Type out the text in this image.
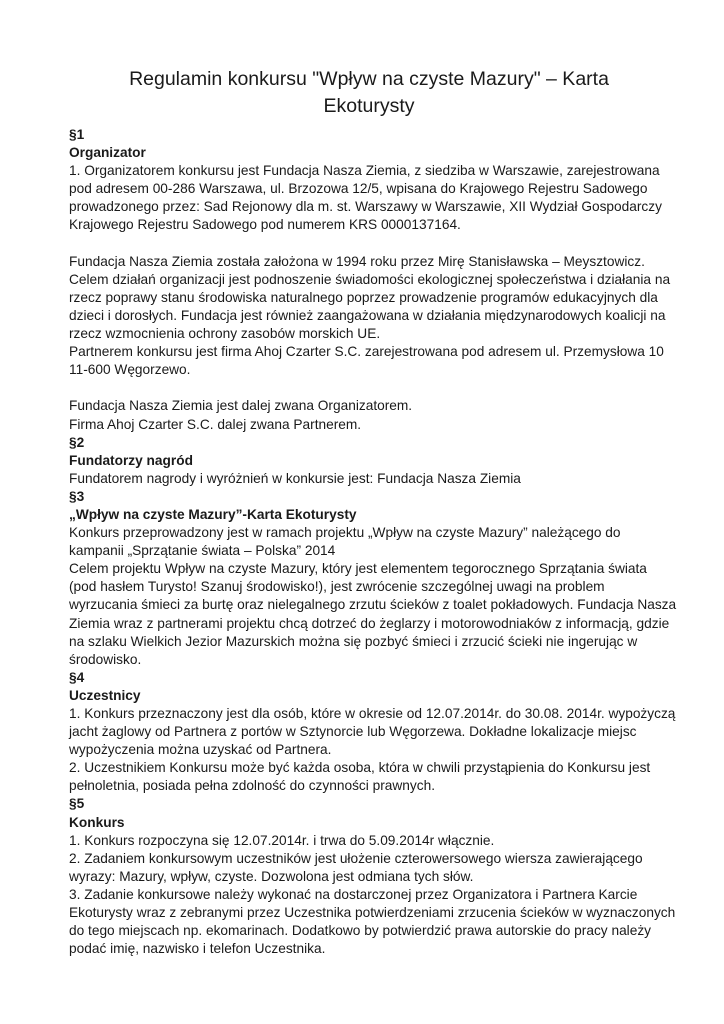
Regulamin konkursu "Wpływ na czyste Mazury" – Karta
Ekoturysty
§1
Organizator
1. Organizatorem konkursu jest Fundacja Nasza Ziemia, z siedziba w Warszawie, zarejestrowana
pod adresem 00-286 Warszawa, ul. Brzozowa 12/5, wpisana do Krajowego Rejestru Sadowego
prowadzonego przez: Sad Rejonowy dla m. st. Warszawy w Warszawie, XII Wydział Gospodarczy
Krajowego Rejestru Sadowego pod numerem KRS 0000137164.
Fundacja Nasza Ziemia została założona w 1994 roku przez Mirę Stanisławska – Meysztowicz.
Celem działań organizacji jest podnoszenie świadomości ekologicznej społeczeństwa i działania na
rzecz poprawy stanu środowiska naturalnego poprzez prowadzenie programów edukacyjnych dla
dzieci i dorosłych. Fundacja jest również zaangażowana w działania międzynarodowych koalicji na
rzecz wzmocnienia ochrony zasobów morskich UE.
Partnerem konkursu jest firma Ahoj Czarter S.C. zarejestrowana pod adresem ul. Przemysłowa 10
11-600 Węgorzewo.
Fundacja Nasza Ziemia jest dalej zwana Organizatorem.
Firma Ahoj Czarter S.C. dalej zwana Partnerem.
§2
Fundatorzy nagród
Fundatorem nagrody i wyróżnień w konkursie jest: Fundacja Nasza Ziemia
§3
„Wpływ na czyste Mazury”-Karta Ekoturysty
Konkurs przeprowadzony jest w ramach projektu „Wpływ na czyste Mazury” należącego do
kampanii „Sprzątanie świata – Polska” 2014
Celem projektu Wpływ na czyste Mazury, który jest elementem tegorocznego Sprzątania świata
(pod hasłem Turysto! Szanuj środowisko!), jest zwrócenie szczególnej uwagi na problem
wyrzucania śmieci za burtę oraz nielegalnego zrzutu ścieków z toalet pokładowych. Fundacja Nasza
Ziemia wraz z partnerami projektu chcą dotrzeć do żeglarzy i motorowodniaków z informacją, gdzie
na szlaku Wielkich Jezior Mazurskich można się pozbyć śmieci i zrzucić ścieki nie ingerując w
środowisko.
§4
Uczestnicy
1. Konkurs przeznaczony jest dla osób, które w okresie od 12.07.2014r. do 30.08. 2014r. wypożyczą
jacht żaglowy od Partnera z portów w Sztynorcie lub Węgorzewa. Dokładne lokalizacje miejsc
wypożyczenia można uzyskać od Partnera.
2. Uczestnikiem Konkursu może być każda osoba, która w chwili przystąpienia do Konkursu jest
pełnoletnia, posiada pełna zdolność do czynności prawnych.
§5
Konkurs
1. Konkurs rozpoczyna się 12.07.2014r. i trwa do 5.09.2014r włącznie.
2. Zadaniem konkursowym uczestników jest ułożenie czterowersowego wiersza zawierającego
wyrazy: Mazury, wpływ, czyste. Dozwolona jest odmiana tych słów.
3. Zadanie konkursowe należy wykonać na dostarczonej przez Organizatora i Partnera Karcie
Ekoturysty wraz z zebranymi przez Uczestnika potwierdzeniami zrzucenia ścieków w wyznaczonych
do tego miejscach np. ekomarinach. Dodatkowo by potwierdzić prawa autorskie do pracy należy
podać imię, nazwisko i telefon Uczestnika.
